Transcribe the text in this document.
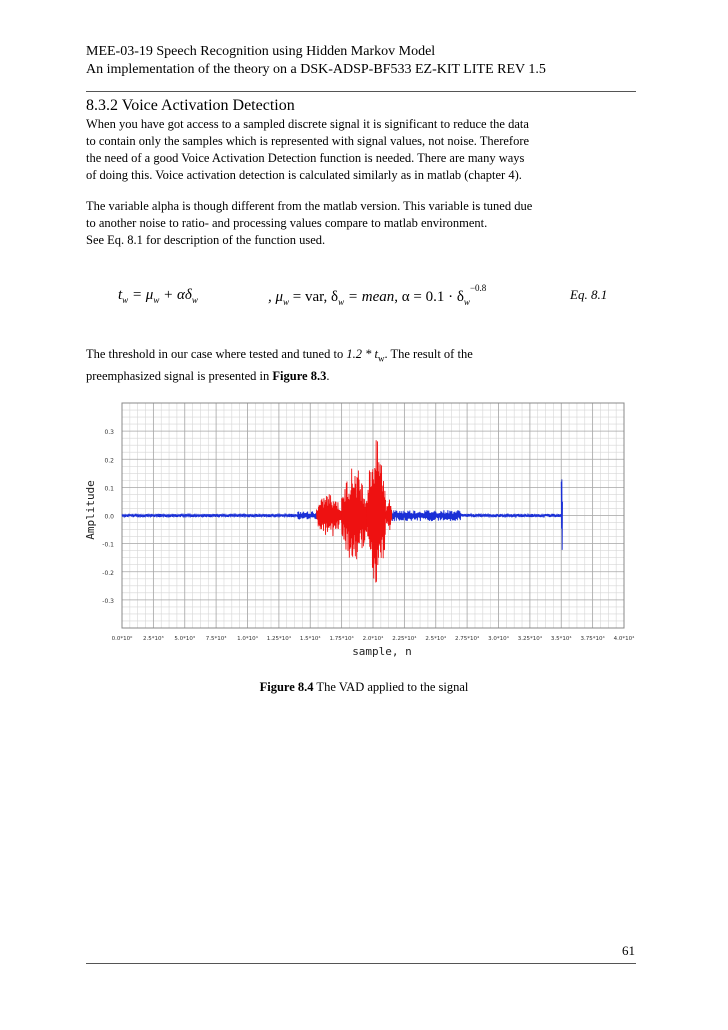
MEE-03-19 Speech Recognition using Hidden Markov Model
An implementation of the theory on a DSK-ADSP-BF533 EZ-KIT LITE REV 1.5
8.3.2 Voice Activation Detection

When you have got access to a sampled discrete signal it is significant to reduce the data

to contain only the samples which is represented with signal values, not noise. Therefore

the need of a good Voice Activation Detection function is needed. There are many ways

of doing this. Voice activation detection is calculated similarly as in matlab (chapter 4).

The variable alpha is though different from the matlab version. This variable is tuned due

to another noise to ratio- and processing values compare to matlab environment.

See Eq. 8.1 for description of the function used.

$t_w = \mu_w + \alpha\delta_w$	, $\mu_w$ = var, $\delta_w$ = mean, $\alpha = 0.1 \cdot \delta_w^{-0.8}$	Eq. 8.1

The threshold in our case where tested and tuned to $1.2 * t_w$. The result of the

preemphasized signal is presented in Figure 8.3.

0.3
0.2
0.1
0.0
-0.1
-0.2
-0.3
0.0*10⁰ 2.5*10³ 5.0*10³ 7.5*10³ 1.0*10⁴ 1.25*10⁴ 1.5*10⁴ 1.75*10⁴ 2.0*10⁴ 2.25*10⁴ 2.5*10⁴ 2.75*10⁴ 3.0*10⁴ 3.25*10⁴ 3.5*10⁴ 3.75*10⁴ 4.0*10⁴
Amplitude
sample, n
Figure 8.4 The VAD applied to the signal
61
